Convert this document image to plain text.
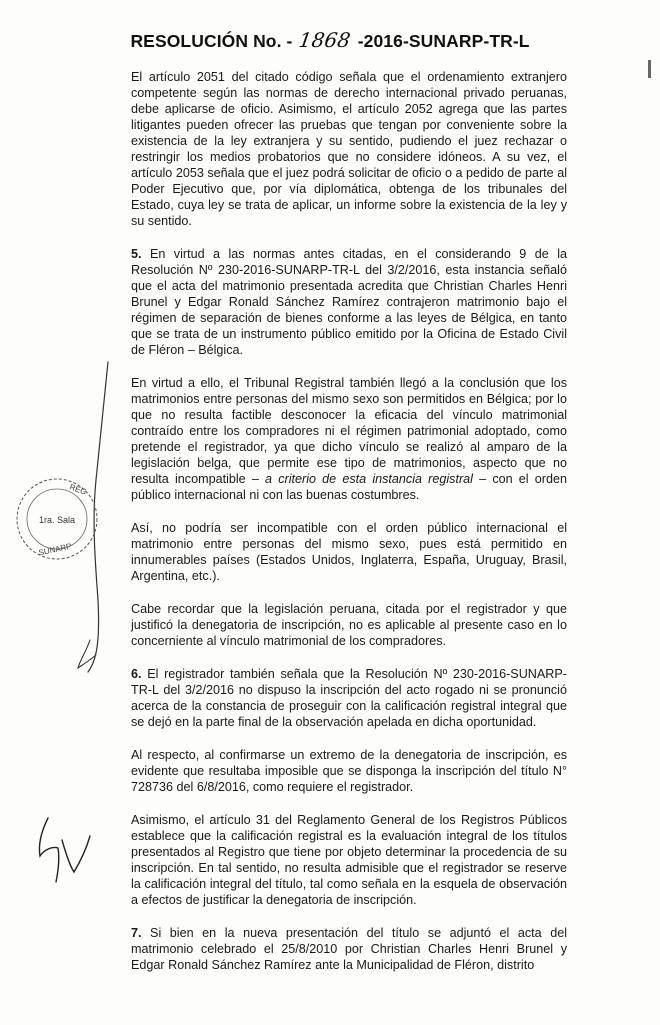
RESOLUCIÓN No. - 1868 -2016-SUNARP-TR-L

El artículo 2051 del citado código señala que el ordenamiento extranjero competente según las normas de derecho internacional privado peruanas, debe aplicarse de oficio. Asimismo, el artículo 2052 agrega que las partes litigantes pueden ofrecer las pruebas que tengan por conveniente sobre la existencia de la ley extranjera y su sentido, pudiendo el juez rechazar o restringir los medios probatorios que no considere idóneos. A su vez, el artículo 2053 señala que el juez podrá solicitar de oficio o a pedido de parte al Poder Ejecutivo que, por vía diplomática, obtenga de los tribunales del Estado, cuya ley se trata de aplicar, un informe sobre la existencia de la ley y su sentido.

5. En virtud a las normas antes citadas, en el considerando 9 de la Resolución Nº 230-2016-SUNARP-TR-L del 3/2/2016, esta instancia señaló que el acta del matrimonio presentada acredita que Christian Charles Henri Brunel y Edgar Ronald Sánchez Ramírez contrajeron matrimonio bajo el régimen de separación de bienes conforme a las leyes de Bélgica, en tanto que se trata de un instrumento público emitido por la Oficina de Estado Civil de Fléron – Bélgica.

En virtud a ello, el Tribunal Registral también llegó a la conclusión que los matrimonios entre personas del mismo sexo son permitidos en Bélgica; por lo que no resulta factible desconocer la eficacia del vínculo matrimonial contraído entre los compradores ni el régimen patrimonial adoptado, como pretende el registrador, ya que dicho vínculo se realizó al amparo de la legislación belga, que permite ese tipo de matrimonios, aspecto que no resulta incompatible – a criterio de esta instancia registral – con el orden público internacional ni con las buenas costumbres.

Así, no podría ser incompatible con el orden público internacional el matrimonio entre personas del mismo sexo, pues está permitido en innumerables países (Estados Unidos, Inglaterra, España, Uruguay, Brasil, Argentina, etc.).

Cabe recordar que la legislación peruana, citada por el registrador y que justificó la denegatoria de inscripción, no es aplicable al presente caso en lo concerniente al vínculo matrimonial de los compradores.

6. El registrador también señala que la Resolución Nº 230-2016-SUNARP-TR-L del 3/2/2016 no dispuso la inscripción del acto rogado ni se pronunció acerca de la constancia de proseguir con la calificación registral integral que se dejó en la parte final de la observación apelada en dicha oportunidad.

Al respecto, al confirmarse un extremo de la denegatoria de inscripción, es evidente que resultaba imposible que se disponga la inscripción del título N° 728736 del 6/8/2016, como requiere el registrador.

Asimismo, el artículo 31 del Reglamento General de los Registros Públicos establece que la calificación registral es la evaluación integral de los títulos presentados al Registro que tiene por objeto determinar la procedencia de su inscripción. En tal sentido, no resulta admisible que el registrador se reserve la calificación integral del título, tal como señala en la esquela de observación a efectos de justificar la denegatoria de inscripción.

7. Si bien en la nueva presentación del título se adjuntó el acta del matrimonio celebrado el 25/8/2010 por Christian Charles Henri Brunel y Edgar Ronald Sánchez Ramírez ante la Municipalidad de Fléron, distrito

REG
1ra. Sala
SUNARP
